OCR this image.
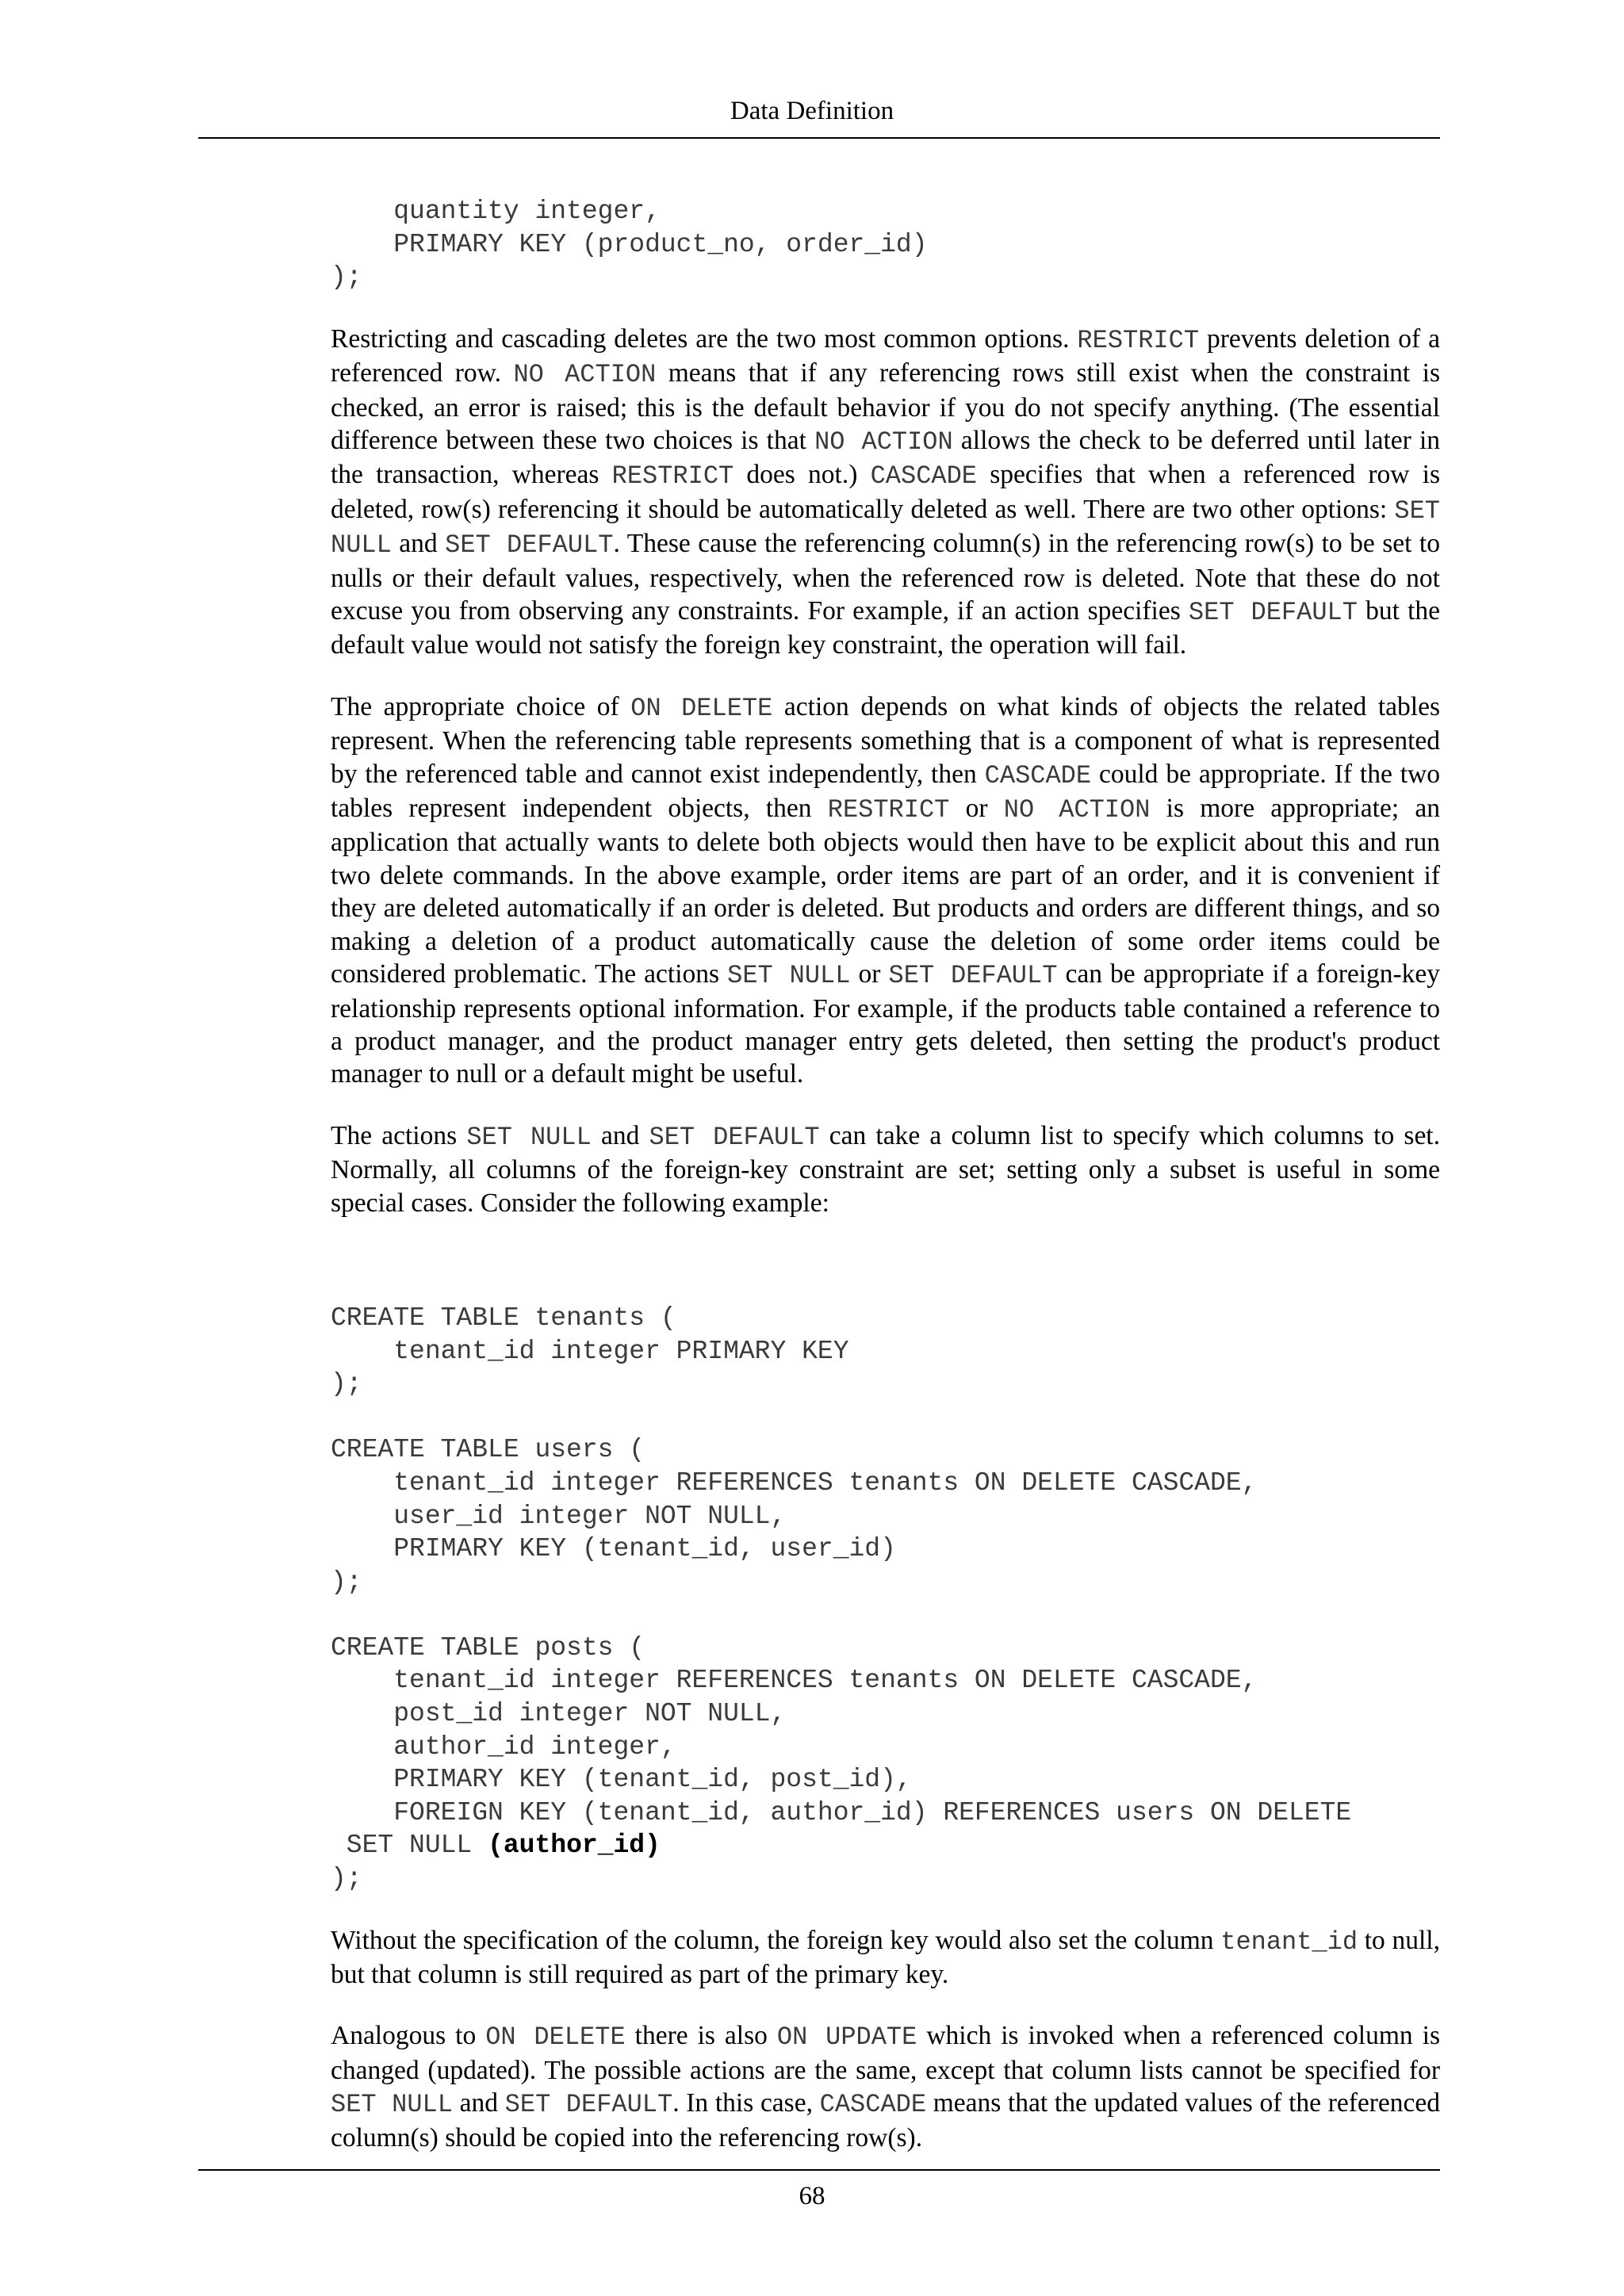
Data Definition
quantity integer,
PRIMARY KEY (product_no, order_id)
);

Restricting and cascading deletes are the two most common options. RESTRICT prevents deletion of a referenced row. NO ACTION means that if any referencing rows still exist when the constraint is checked, an error is raised; this is the default behavior if you do not specify anything. (The essential difference between these two choices is that NO ACTION allows the check to be deferred until later in the transaction, whereas RESTRICT does not.) CASCADE specifies that when a referenced row is deleted, row(s) referencing it should be automatically deleted as well. There are two other options: SET NULL and SET DEFAULT. These cause the referencing column(s) in the referencing row(s) to be set to nulls or their default values, respectively, when the referenced row is deleted. Note that these do not excuse you from observing any constraints. For example, if an action specifies SET DEFAULT but the default value would not satisfy the foreign key constraint, the operation will fail.

The appropriate choice of ON DELETE action depends on what kinds of objects the related tables represent. When the referencing table represents something that is a component of what is represented by the referenced table and cannot exist independently, then CASCADE could be appropriate. If the two tables represent independent objects, then RESTRICT or NO ACTION is more appropriate; an application that actually wants to delete both objects would then have to be explicit about this and run two delete commands. In the above example, order items are part of an order, and it is convenient if they are deleted automatically if an order is deleted. But products and orders are different things, and so making a deletion of a product automatically cause the deletion of some order items could be considered problematic. The actions SET NULL or SET DEFAULT can be appropriate if a foreign-key relationship represents optional information. For example, if the products table contained a reference to a product manager, and the product manager entry gets deleted, then setting the product's product manager to null or a default might be useful.

The actions SET NULL and SET DEFAULT can take a column list to specify which columns to set. Normally, all columns of the foreign-key constraint are set; setting only a subset is useful in some special cases. Consider the following example:

CREATE TABLE tenants (
tenant_id integer PRIMARY KEY
);

CREATE TABLE users (
tenant_id integer REFERENCES tenants ON DELETE CASCADE,
user_id integer NOT NULL,
PRIMARY KEY (tenant_id, user_id)
);

CREATE TABLE posts (
tenant_id integer REFERENCES tenants ON DELETE CASCADE,
post_id integer NOT NULL,
author_id integer,
PRIMARY KEY (tenant_id, post_id),
FOREIGN KEY (tenant_id, author_id) REFERENCES users ON DELETE
SET NULL (author_id)
);

Without the specification of the column, the foreign key would also set the column tenant_id to null, but that column is still required as part of the primary key.

Analogous to ON DELETE there is also ON UPDATE which is invoked when a referenced column is changed (updated). The possible actions are the same, except that column lists cannot be specified for SET NULL and SET DEFAULT. In this case, CASCADE means that the updated values of the referenced column(s) should be copied into the referencing row(s).

68
